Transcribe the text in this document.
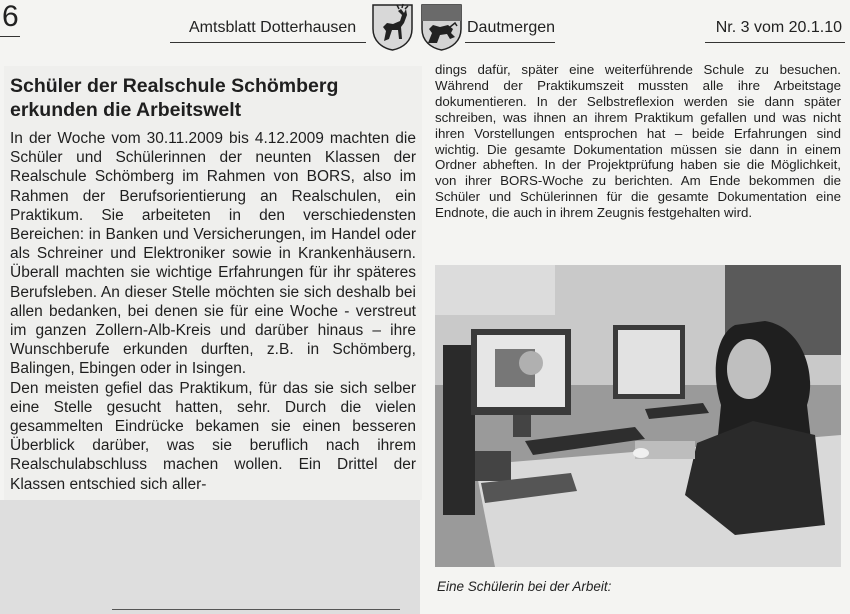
6	Amtsblatt Dotterhausen	Dautmergen	Nr. 3 vom 20.1.10
Schüler der Realschule Schömberg erkunden die Arbeitswelt

In der Woche vom 30.11.2009 bis 4.12.2009 machten die Schüler und Schülerinnen der neunten Klassen der Realschule Schömberg im Rahmen von BORS, also im Rahmen der Berufsorientierung an Realschulen, ein Praktikum. Sie arbeiteten in den verschiedensten Bereichen: in Banken und Versicherungen, im Handel oder als Schreiner und Elektroniker sowie in Krankenhäusern. Überall machten sie wichtige Erfahrungen für ihr späteres Berufsleben. An dieser Stelle möchten sie sich deshalb bei allen bedanken, bei denen sie für eine Woche - verstreut im ganzen Zollern-Alb-Kreis und darüber hinaus – ihre Wunschberufe erkunden durften, z.B. in Schömberg, Balingen, Ebingen oder in Isingen.

Den meisten gefiel das Praktikum, für das sie sich selber eine Stelle gesucht hatten, sehr. Durch die vielen gesammelten Eindrücke bekamen sie einen besseren Überblick darüber, was sie beruflich nach ihrem Realschulabschluss machen wollen. Ein Drittel der Klassen entschied sich aller-

dings dafür, später eine weiterführende Schule zu besuchen. Während der Praktikumszeit mussten alle ihre Arbeitstage dokumentieren. In der Selbstreflexion werden sie dann später schreiben, was ihnen an ihrem Praktikum gefallen und was nicht ihren Vorstellungen entsprochen hat – beide Erfahrungen sind wichtig. Die gesamte Dokumentation müssen sie dann in einem Ordner abheften. In der Projektprüfung haben sie die Möglichkeit, von ihrer BORS-Woche zu berichten. Am Ende bekommen die Schüler und Schülerinnen für die gesamte Dokumentation eine Endnote, die auch in ihrem Zeugnis festgehalten wird.
Eine Schülerin bei der Arbeit:
